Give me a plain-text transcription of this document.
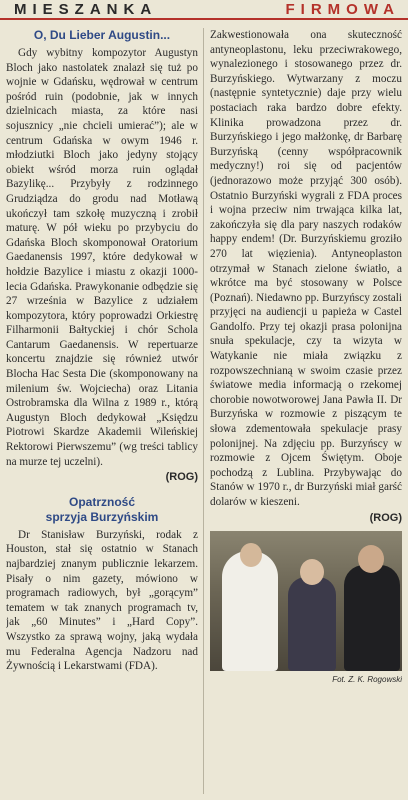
MIESZANKA	FIRMOWA
O, Du Lieber Augustin...

Gdy wybitny kompozytor Augustyn Bloch jako nastolatek znalazł się tuż po wojnie w Gdańsku, wędrował w centrum pośród ruin (podobnie, jak w innych dzielnicach miasta, za które nasi sojusznicy „nie chcieli umierać”); ale w centrum Gdańska w owym 1946 r. młodziutki Bloch jako jedyny stojący obiekt wśród morza ruin oglądał Bazylikę... Przybyły z rodzinnego Grudziądza do grodu nad Motławą ukończył tam szkołę muzyczną i zrobił maturę. W pół wieku po przybyciu do Gdańska Bloch skomponował Oratorium Gaedanensis 1997, które dedykował w hołdzie Bazylice i miastu z okazji 1000-lecia Gdańska. Prawykonanie odbędzie się 27 września w Bazylice z udziałem kompozytora, który poprowadzi Orkiestrę Filharmonii Bałtyckiej i chór Schola Cantarum Gaedanensis. W repertuarze koncertu znajdzie się również utwór Blocha Hac Sesta Die (skomponowany na milenium św. Wojciecha) oraz Litania Ostrobramska dla Wilna z 1989 r., którą Augustyn Bloch dedykował „Księdzu Piotrowi Skardze Akademii Wileńskiej Rektorowi Pierwszemu” (wg treści tablicy na murze tej uczelni).

(ROG)
Opatrzność
sprzyja Burzyńskim

Dr Stanisław Burzyński, rodak z Houston, stał się ostatnio w Stanach najbardziej znanym publicznie lekarzem. Pisały o nim gazety, mówiono w programach radiowych, był „gorącym” tematem w tak znanych programach tv, jak „60 Minutes” i „Hard Copy”. Wszystko za sprawą wojny, jaką wydała mu Federalna Agencja Nadzoru nad Żywnością i Lekarstwami (FDA).

Zakwestionowała ona skuteczność antyneoplastonu, leku przeciwrakowego, wynalezionego i stosowanego przez dr. Burzyńskiego. Wytwarzany z moczu (następnie syntetycznie) daje przy wielu postaciach raka bardzo dobre efekty. Klinika prowadzona przez dr. Burzyńskiego i jego małżonkę, dr Barbarę Burzyńską (cenny współpracownik medyczny!) roi się od pacjentów (jednorazowo może przyjąć 300 osób). Ostatnio Burzyński wygrali z FDA proces i wojna przeciw nim trwająca kilka lat, zakończyła się dla pary naszych rodaków happy endem! (Dr. Burzyńskiemu groziło 270 lat więzienia). Antyneoplaston otrzymał w Stanach zielone światło, a wkrótce ma być stosowany w Polsce (Poznań). Niedawno pp. Burzyńscy zostali przyjęci na audiencji u papieża w Castel Gandolfo. Przy tej okazji prasa polonijna snuła spekulacje, czy ta wizyta w Watykanie nie miała związku z rozpowszechnianą w swoim czasie przez światowe media informacją o rzekomej chorobie nowotworowej Jana Pawła II. Dr Burzyńska w rozmowie z piszącym te słowa zdementowała spekulacje prasy polonijnej. Na zdjęciu pp. Burzyńscy w rozmowie z Ojcem Świętym. Oboje pochodzą z Lublina. Przybywając do Stanów w 1970 r., dr Burzyński miał garść dolarów w kieszeni.

(ROG)
Fot. Z. K. Rogowski
